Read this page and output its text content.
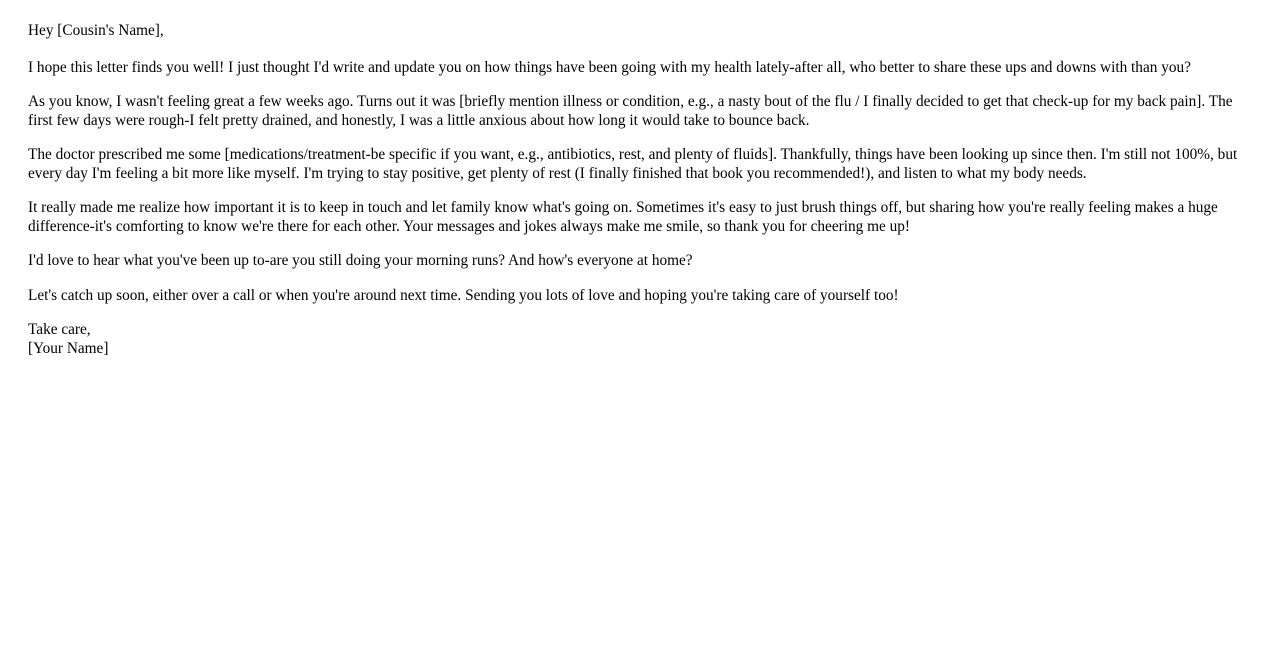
Hey [Cousin's Name],

I hope this letter finds you well! I just thought I'd write and update you on how things have been going with my health lately-after all, who better to share these ups and downs with than you?

As you know, I wasn't feeling great a few weeks ago. Turns out it was [briefly mention illness or condition, e.g., a nasty bout of the flu / I finally decided to get that check-up for my back pain]. The first few days were rough-I felt pretty drained, and honestly, I was a little anxious about how long it would take to bounce back.

The doctor prescribed me some [medications/treatment-be specific if you want, e.g., antibiotics, rest, and plenty of fluids]. Thankfully, things have been looking up since then. I'm still not 100%, but every day I'm feeling a bit more like myself. I'm trying to stay positive, get plenty of rest (I finally finished that book you recommended!), and listen to what my body needs.

It really made me realize how important it is to keep in touch and let family know what's going on. Sometimes it's easy to just brush things off, but sharing how you're really feeling makes a huge difference-it's comforting to know we're there for each other. Your messages and jokes always make me smile, so thank you for cheering me up!

I'd love to hear what you've been up to-are you still doing your morning runs? And how's everyone at home?

Let's catch up soon, either over a call or when you're around next time. Sending you lots of love and hoping you're taking care of yourself too!

Take care,
[Your Name]
